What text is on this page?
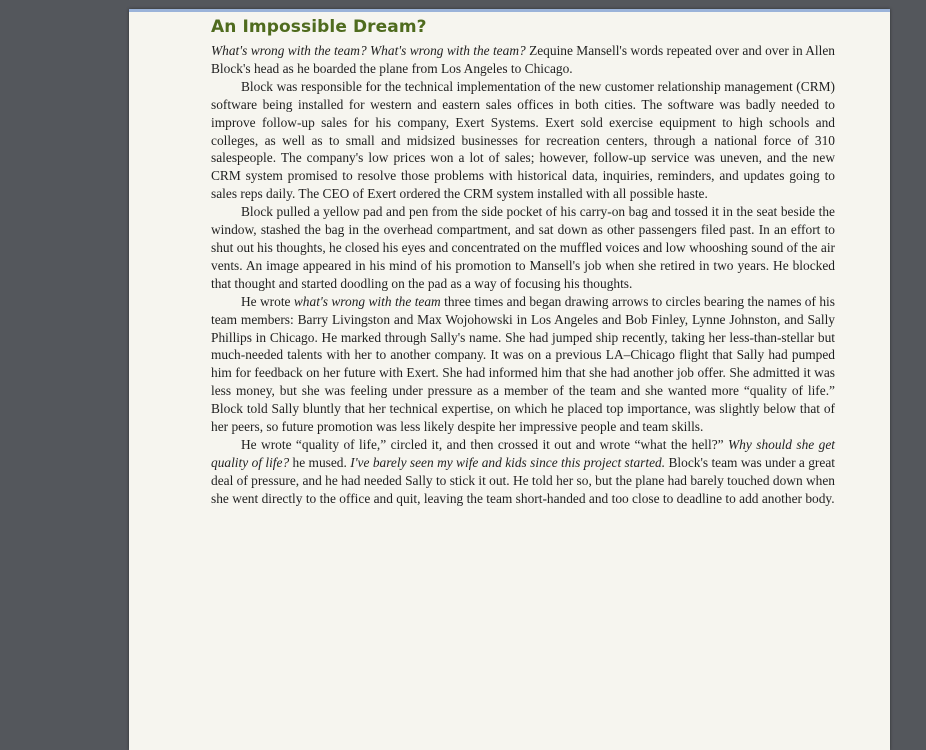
An Impossible Dream?

What's wrong with the team? What's wrong with the team? Zequine Mansell's words repeated over and over in Allen Block's head as he boarded the plane from Los Angeles to Chicago.

Block was responsible for the technical implementation of the new customer relationship management (CRM) software being installed for western and eastern sales offices in both cities. The software was badly needed to improve follow-up sales for his company, Exert Systems. Exert sold exercise equipment to high schools and colleges, as well as to small and midsized businesses for recreation centers, through a national force of 310 salespeople. The company's low prices won a lot of sales; however, follow-up service was uneven, and the new CRM system promised to resolve those problems with historical data, inquiries, reminders, and updates going to sales reps daily. The CEO of Exert ordered the CRM system installed with all possible haste.

Block pulled a yellow pad and pen from the side pocket of his carry-on bag and tossed it in the seat beside the window, stashed the bag in the overhead compartment, and sat down as other passengers filed past. In an effort to shut out his thoughts, he closed his eyes and concentrated on the muffled voices and low whooshing sound of the air vents. An image appeared in his mind of his promotion to Mansell's job when she retired in two years. He blocked that thought and started doodling on the pad as a way of focusing his thoughts.

He wrote what's wrong with the team three times and began drawing arrows to circles bearing the names of his team members: Barry Livingston and Max Wojohowski in Los Angeles and Bob Finley, Lynne Johnston, and Sally Phillips in Chicago. He marked through Sally's name. She had jumped ship recently, taking her less-than-stellar but much-needed talents with her to another company. It was on a previous LA–Chicago flight that Sally had pumped him for feedback on her future with Exert. She had informed him that she had another job offer. She admitted it was less money, but she was feeling under pressure as a member of the team and she wanted more “quality of life.” Block told Sally bluntly that her technical expertise, on which he placed top importance, was slightly below that of her peers, so future promotion was less likely despite her impressive people and team skills.

He wrote “quality of life,” circled it, and then crossed it out and wrote “what the hell?” Why should she get quality of life? he mused. I've barely seen my wife and kids since this project started. Block's team was under a great deal of pressure, and he had needed Sally to stick it out. He told her so, but the plane had barely touched down when she went directly to the office and quit, leaving the team short-handed and too close to deadline to add another body.
